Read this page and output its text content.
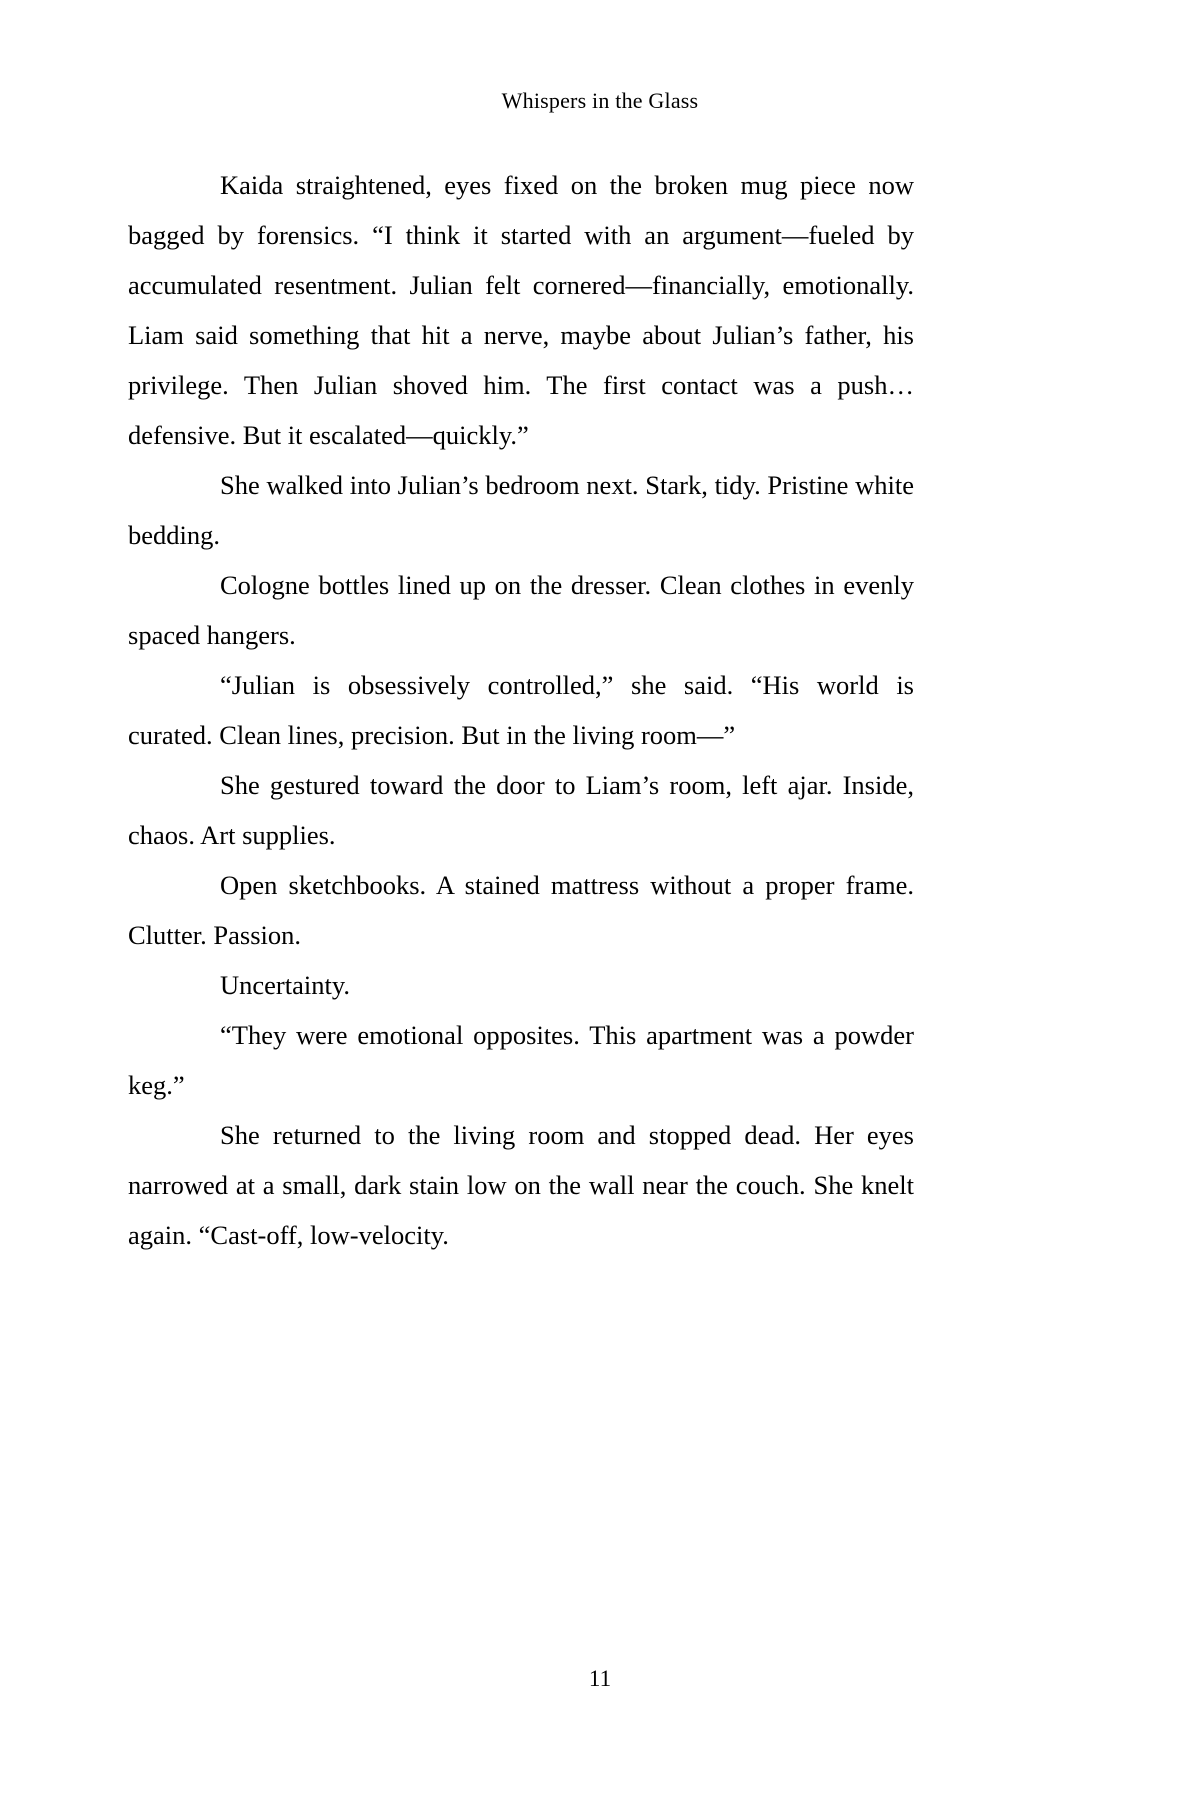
Whispers in the Glass

Kaida straightened, eyes fixed on the broken mug piece now bagged by forensics. “I think it started with an argument—fueled by accumulated resentment. Julian felt cornered—financially, emotionally. Liam said something that hit a nerve, maybe about Julian’s father, his privilege. Then Julian shoved him. The first contact was a push… defensive. But it escalated—quickly.”

She walked into Julian’s bedroom next. Stark, tidy. Pristine white bedding.

Cologne bottles lined up on the dresser. Clean clothes in evenly spaced hangers.

“Julian is obsessively controlled,” she said. “His world is curated. Clean lines, precision. But in the living room—”

She gestured toward the door to Liam’s room, left ajar. Inside, chaos. Art supplies.

Open sketchbooks. A stained mattress without a proper frame. Clutter. Passion.

Uncertainty.

“They were emotional opposites. This apartment was a powder keg.”

She returned to the living room and stopped dead. Her eyes narrowed at a small, dark stain low on the wall near the couch. She knelt again. “Cast-off, low-velocity.

11
